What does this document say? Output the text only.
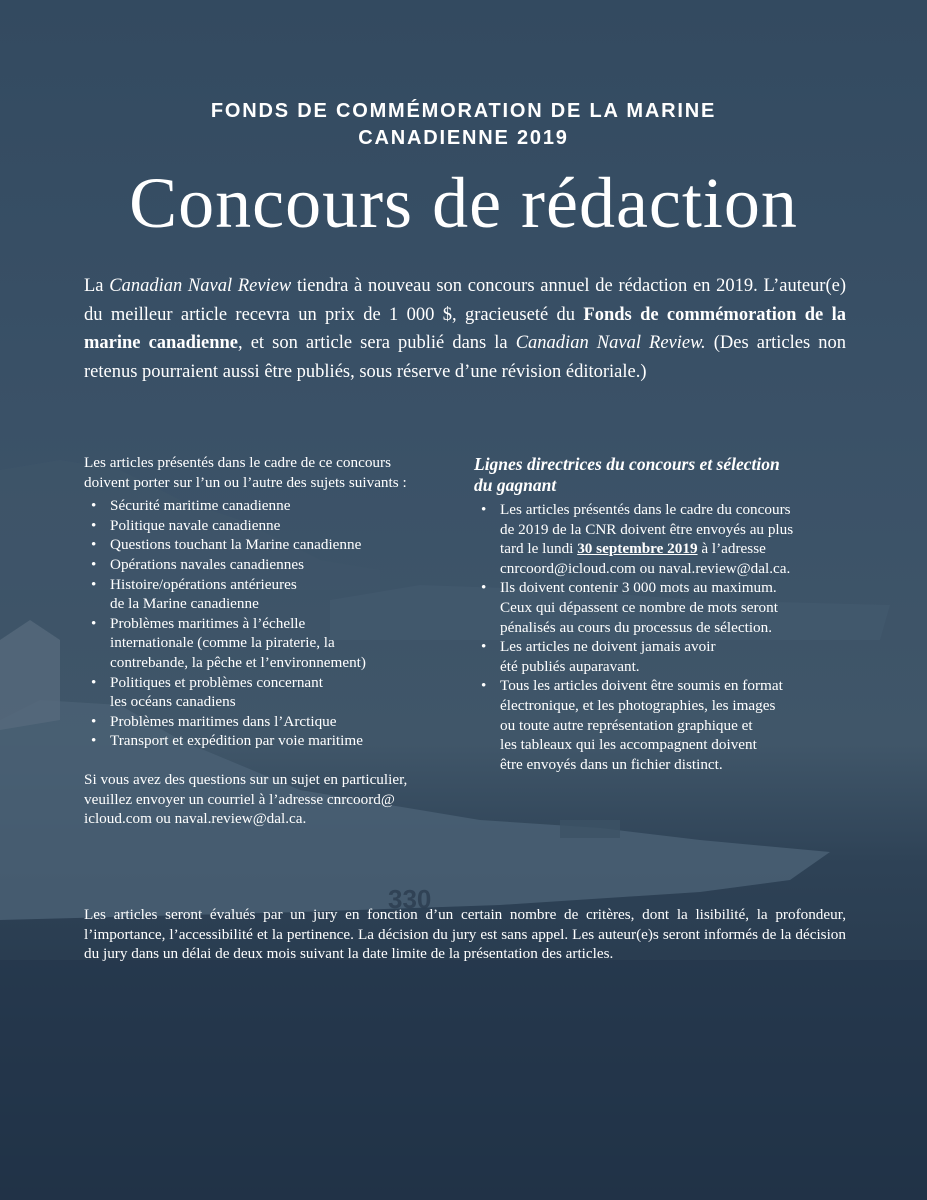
330
FONDS DE COMMÉMORATION DE LA MARINE
CANADIENNE 2019
Concours de rédaction

La Canadian Naval Review tiendra à nouveau son concours annuel de rédaction en 2019. L’auteur(e) du meilleur article recevra un prix de 1 000 $, gracieuseté du Fonds de commémoration de la marine canadienne, et son article sera publié dans la Canadian Naval Review. (Des articles non retenus pourraient aussi être publiés, sous réserve d’une révision éditoriale.)

Les articles présentés dans le cadre de ce concours
doivent porter sur l’un ou l’autre des sujets suivants :

• Sécurité maritime canadienne
• Politique navale canadienne
• Questions touchant la Marine canadienne
• Opérations navales canadiennes
• Histoire/opérations antérieures
de la Marine canadienne
• Problèmes maritimes à l’échelle
internationale (comme la piraterie, la
contrebande, la pêche et l’environnement)
• Politiques et problèmes concernant
les océans canadiens
• Problèmes maritimes dans l’Arctique
• Transport et expédition par voie maritime

Si vous avez des questions sur un sujet en particulier,
veuillez envoyer un courriel à l’adresse cnrcoord@
icloud.com ou naval.review@dal.ca.

Lignes directrices du concours et sélection
du gagnant
• Les articles présentés dans le cadre du concours
de 2019 de la CNR doivent être envoyés au plus
tard le lundi 30 septembre 2019 à l’adresse
cnrcoord@icloud.com ou naval.review@dal.ca.
• Ils doivent contenir 3 000 mots au maximum.
Ceux qui dépassent ce nombre de mots seront
pénalisés au cours du processus de sélection.
• Les articles ne doivent jamais avoir
été publiés auparavant.
• Tous les articles doivent être soumis en format
électronique, et les photographies, les images
ou toute autre représentation graphique et
les tableaux qui les accompagnent doivent
être envoyés dans un fichier distinct.

Les articles seront évalués par un jury en fonction d’un certain nombre de critères, dont la lisibilité, la profondeur, l’importance, l’accessibilité et la pertinence. La décision du jury est sans appel. Les auteur(e)s seront informés de la décision du jury dans un délai de deux mois suivant la date limite de la présentation des articles.
